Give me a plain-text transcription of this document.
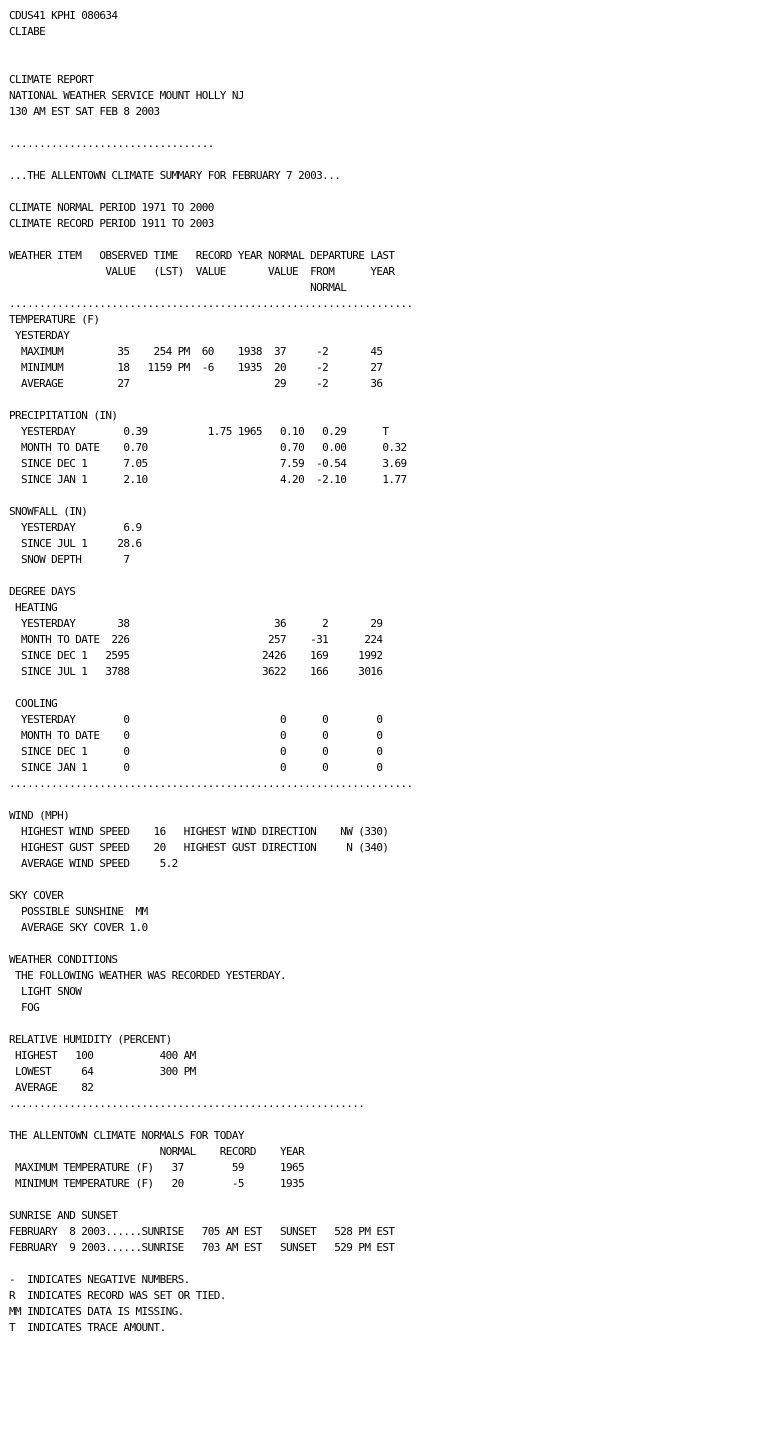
CDUS41 KPHI 080634
CLIABE
CLIMATE REPORT
NATIONAL WEATHER SERVICE MOUNT HOLLY NJ
130 AM EST SAT FEB 8 2003
..................................
...THE ALLENTOWN CLIMATE SUMMARY FOR FEBRUARY 7 2003...
CLIMATE NORMAL PERIOD 1971 TO 2000
CLIMATE RECORD PERIOD 1911 TO 2003
WEATHER ITEM   OBSERVED TIME   RECORD YEAR NORMAL DEPARTURE LAST
VALUE   (LST)  VALUE       VALUE  FROM      YEAR
NORMAL
...................................................................
TEMPERATURE (F)
YESTERDAY
MAXIMUM         35    254 PM  60    1938  37     -2       45
MINIMUM         18   1159 PM  -6    1935  20     -2       27
AVERAGE         27                        29     -2       36
PRECIPITATION (IN)
YESTERDAY        0.39          1.75 1965   0.10   0.29      T
MONTH TO DATE    0.70                      0.70   0.00      0.32
SINCE DEC 1      7.05                      7.59  -0.54      3.69
SINCE JAN 1      2.10                      4.20  -2.10      1.77
SNOWFALL (IN)
YESTERDAY        6.9
SINCE JUL 1     28.6
SNOW DEPTH       7
DEGREE DAYS
HEATING
YESTERDAY       38                        36      2       29
MONTH TO DATE  226                       257    -31      224
SINCE DEC 1   2595                      2426    169     1992
SINCE JUL 1   3788                      3622    166     3016
COOLING
YESTERDAY        0                         0      0        0
MONTH TO DATE    0                         0      0        0
SINCE DEC 1      0                         0      0        0
SINCE JAN 1      0                         0      0        0
...................................................................
WIND (MPH)
HIGHEST WIND SPEED    16   HIGHEST WIND DIRECTION    NW (330)
HIGHEST GUST SPEED    20   HIGHEST GUST DIRECTION     N (340)
AVERAGE WIND SPEED     5.2
SKY COVER
POSSIBLE SUNSHINE  MM
AVERAGE SKY COVER 1.0
WEATHER CONDITIONS
THE FOLLOWING WEATHER WAS RECORDED YESTERDAY.
LIGHT SNOW
FOG
RELATIVE HUMIDITY (PERCENT)
HIGHEST   100           400 AM
LOWEST     64           300 PM
AVERAGE    82
...........................................................
THE ALLENTOWN CLIMATE NORMALS FOR TODAY
NORMAL    RECORD    YEAR
MAXIMUM TEMPERATURE (F)   37        59      1965
MINIMUM TEMPERATURE (F)   20        -5      1935
SUNRISE AND SUNSET
FEBRUARY  8 2003......SUNRISE   705 AM EST   SUNSET   528 PM EST
FEBRUARY  9 2003......SUNRISE   703 AM EST   SUNSET   529 PM EST
-  INDICATES NEGATIVE NUMBERS.
R  INDICATES RECORD WAS SET OR TIED.
MM INDICATES DATA IS MISSING.
T  INDICATES TRACE AMOUNT.
